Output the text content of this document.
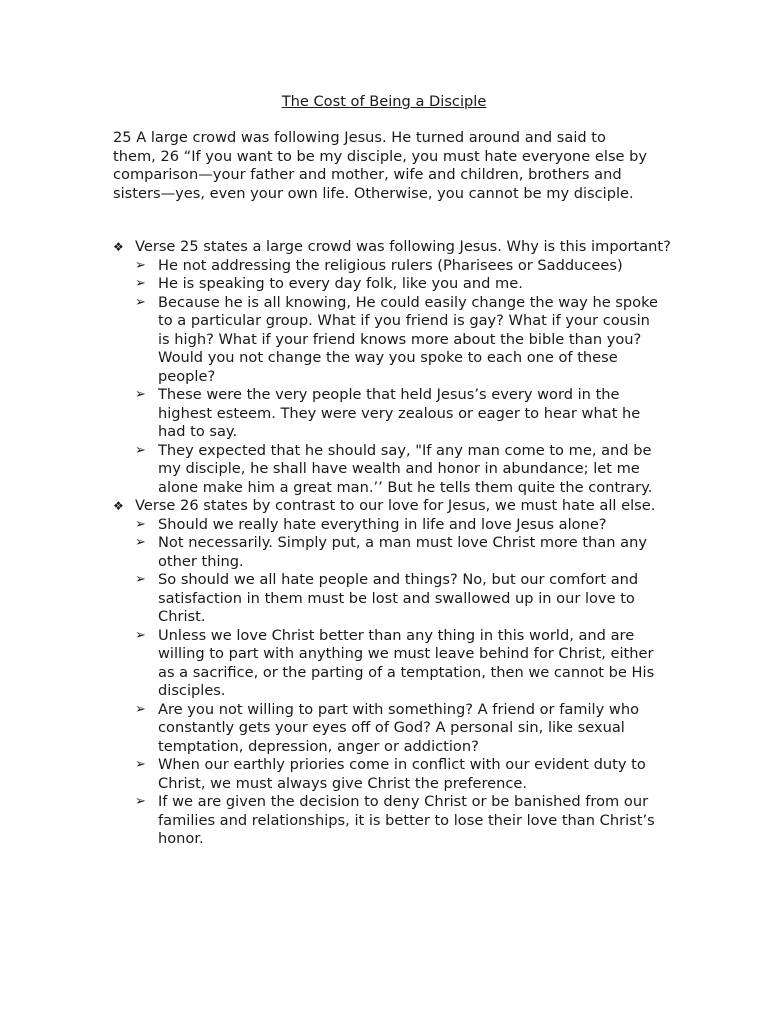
The Cost of Being a Disciple

25 A large crowd was following Jesus. He turned around and said to them, 26 “If you want to be my disciple, you must hate everyone else by comparison—your father and mother, wife and children, brothers and sisters—yes, even your own life. Otherwise, you cannot be my disciple.

❖ Verse 25 states a large crowd was following Jesus. Why is this important?
➢ He not addressing the religious rulers (Pharisees or Sadducees)
➢ He is speaking to every day folk, like you and me.
➢ Because he is all knowing, He could easily change the way he spoke to a particular group. What if you friend is gay? What if your cousin is high? What if your friend knows more about the bible than you? Would you not change the way you spoke to each one of these people?
➢ These were the very people that held Jesus’s every word in the highest esteem. They were very zealous or eager to hear what he had to say.
➢ They expected that he should say, "If any man come to me, and be my disciple, he shall have wealth and honor in abundance; let me alone make him a great man.’’ But he tells them quite the contrary.
❖ Verse 26 states by contrast to our love for Jesus, we must hate all else.
➢ Should we really hate everything in life and love Jesus alone?
➢ Not necessarily. Simply put, a man must love Christ more than any other thing.
➢ So should we all hate people and things? No, but our comfort and satisfaction in them must be lost and swallowed up in our love to Christ.
➢ Unless we love Christ better than any thing in this world, and are willing to part with anything we must leave behind for Christ, either as a sacrifice, or the parting of a temptation, then we cannot be His disciples.
➢ Are you not willing to part with something? A friend or family who constantly gets your eyes off of God? A personal sin, like sexual temptation, depression, anger or addiction?
➢ When our earthly priories come in conflict with our evident duty to Christ, we must always give Christ the preference.
➢ If we are given the decision to deny Christ or be banished from our families and relationships, it is better to lose their love than Christ’s honor.
